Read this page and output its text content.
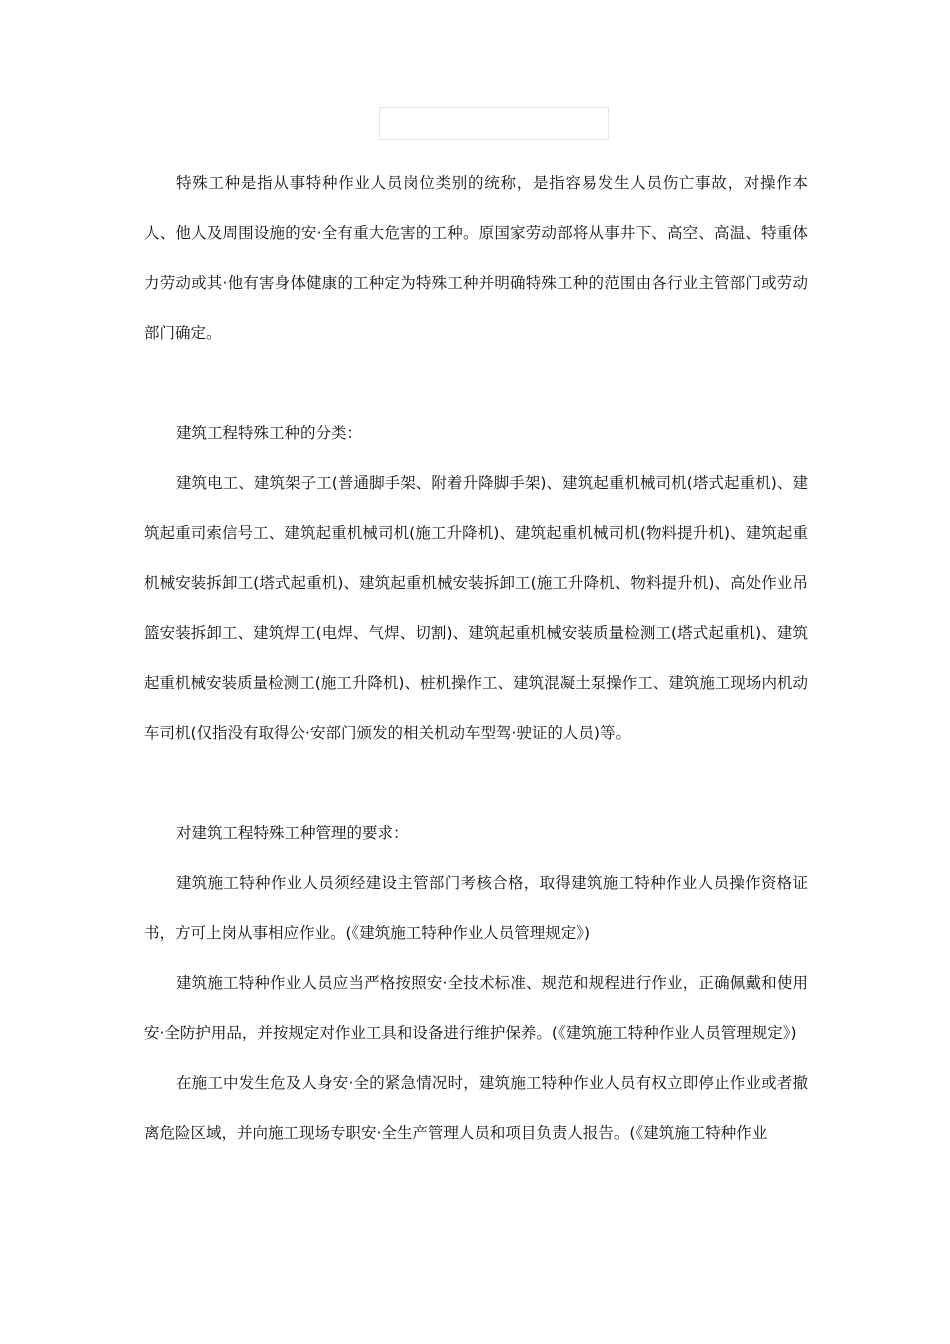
特殊工种是指从事特种作业人员岗位类别的统称，是指容易发生人员伤亡事故，对操作本人、他人及周围设施的安·全有重大危害的工种。原国家劳动部将从事井下、高空、高温、特重体力劳动或其·他有害身体健康的工种定为特殊工种并明确特殊工种的范围由各行业主管部门或劳动部门确定。

建筑工程特殊工种的分类：

建筑电工、建筑架子工(普通脚手架、附着升降脚手架)、建筑起重机械司机(塔式起重机)、建筑起重司索信号工、建筑起重机械司机(施工升降机)、建筑起重机械司机(物料提升机)、建筑起重机械安装拆卸工(塔式起重机)、建筑起重机械安装拆卸工(施工升降机、物料提升机)、高处作业吊篮安装拆卸工、建筑焊工(电焊、气焊、切割)、建筑起重机械安装质量检测工(塔式起重机)、建筑起重机械安装质量检测工(施工升降机)、桩机操作工、建筑混凝土泵操作工、建筑施工现场内机动车司机(仅指没有取得公·安部门颁发的相关机动车型驾·驶证的人员)等。

对建筑工程特殊工种管理的要求：

建筑施工特种作业人员须经建设主管部门考核合格，取得建筑施工特种作业人员操作资格证书，方可上岗从事相应作业。(《建筑施工特种作业人员管理规定》)

建筑施工特种作业人员应当严格按照安·全技术标准、规范和规程进行作业，正确佩戴和使用安·全防护用品，并按规定对作业工具和设备进行维护保养。(《建筑施工特种作业人员管理规定》)

在施工中发生危及人身安·全的紧急情况时，建筑施工特种作业人员有权立即停止作业或者撤离危险区域，并向施工现场专职安·全生产管理人员和项目负责人报告。(《建筑施工特种作业
